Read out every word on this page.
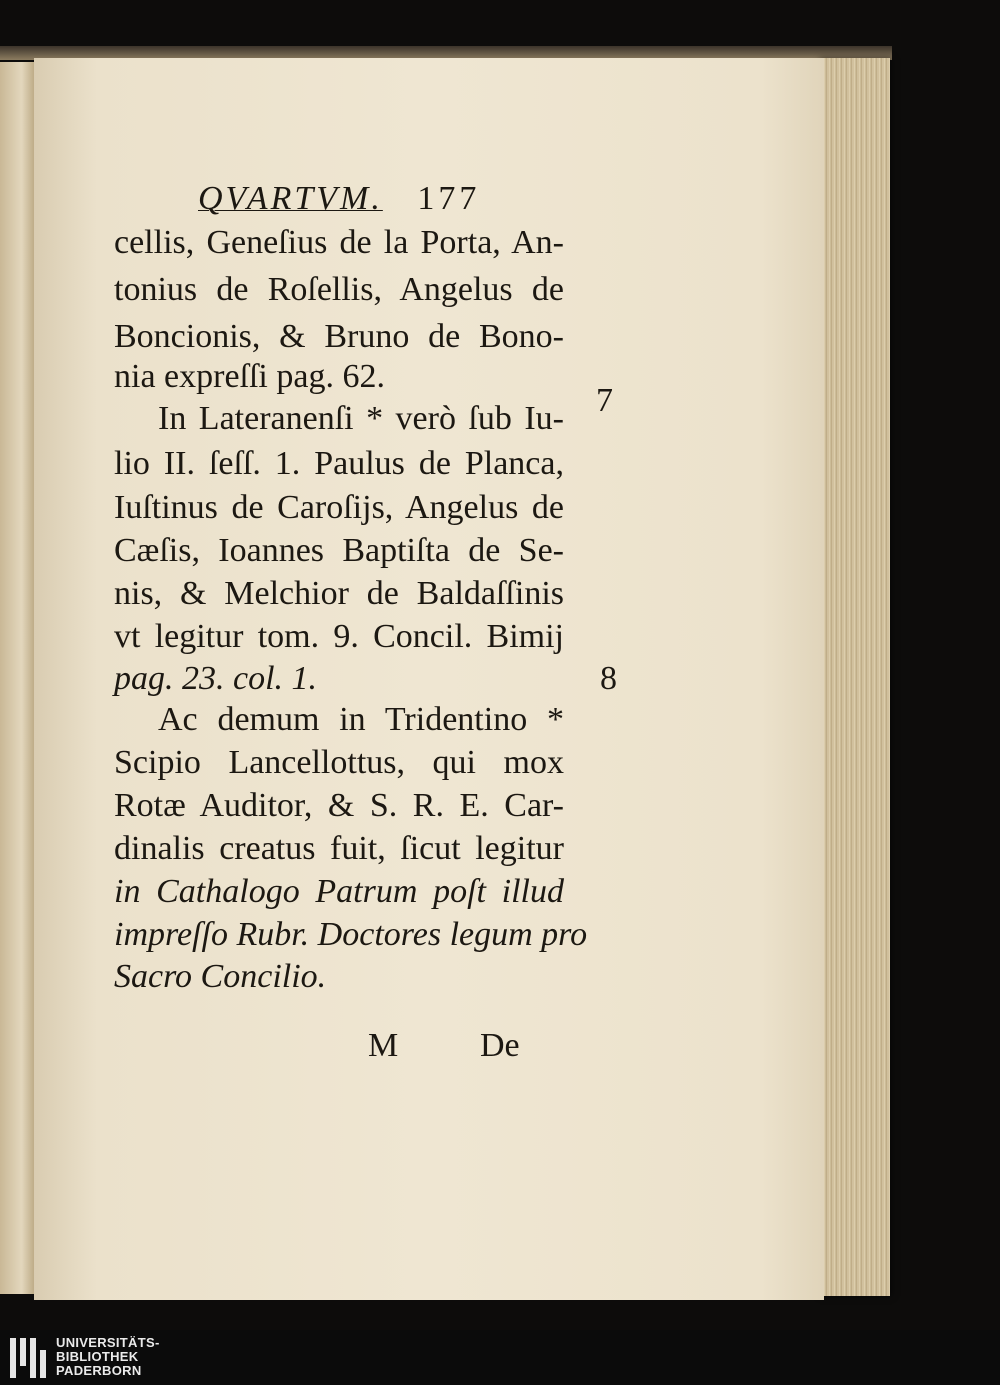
QVARTVM. 177
cellis, Geneſius de la Porta, An-
tonius de Roſellis, Angelus de
Boncionis, & Bruno de Bono-
nia expreſſi pag. 62.
In Lateranenſi * verò ſub Iu-
lio II. ſeſſ. 1. Paulus de Planca,
Iuſtinus de Caroſijs, Angelus de
Cæſis, Ioannes Baptiſta de Se-
nis, & Melchior de Baldaſſinis
vt legitur tom. 9. Concil. Bimij
pag. 23. col. 1.
Ac demum in Tridentino *
Scipio Lancellottus, qui mox
Rotæ Auditor, & S. R. E. Car-
dinalis creatus fuit, ſicut legitur
in Cathalogo Patrum poſt illud
impreſſo Rubr. Doctores legum pro
Sacro Concilio.
7
8
M De
UNIVERSITÄTS-
BIBLIOTHEK
PADERBORN
